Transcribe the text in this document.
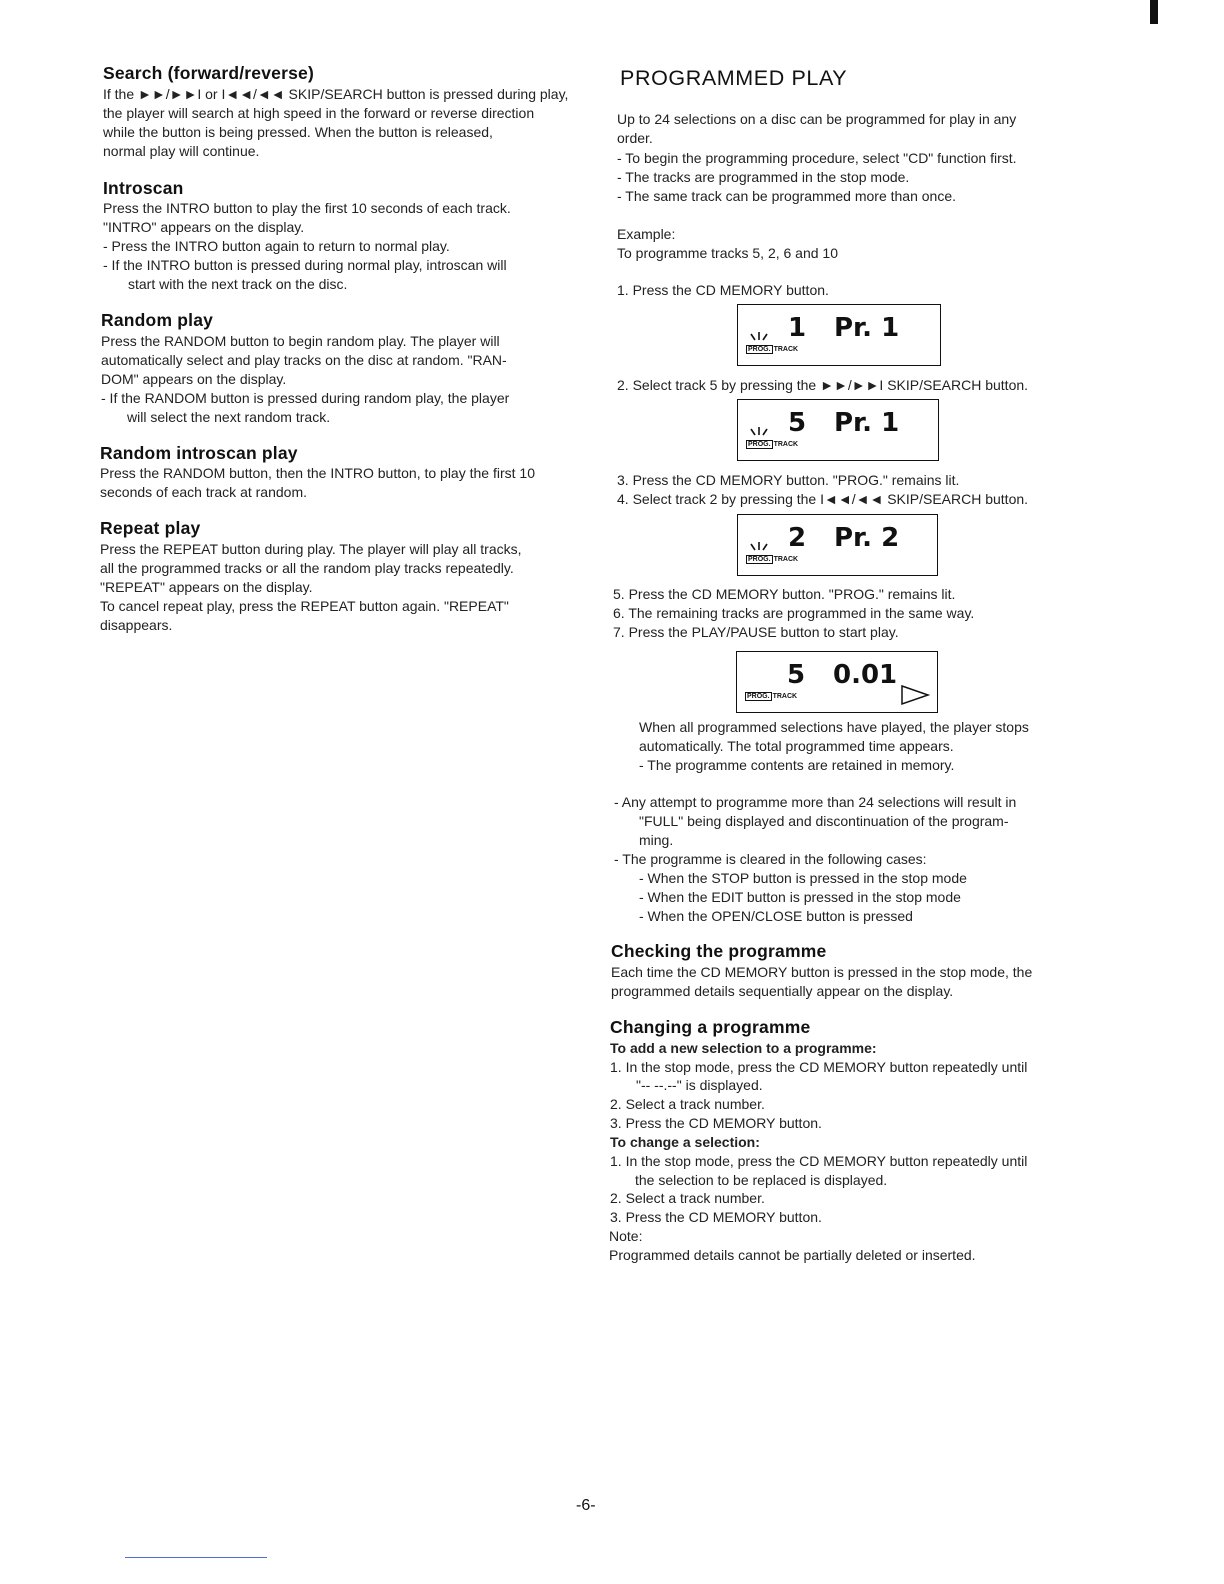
Search (forward/reverse)

If the ►►/►►I or I◄◄/◄◄ SKIP/SEARCH button is pressed during play,

the player will search at high speed in the forward or reverse direction

while the button is being pressed. When the button is released,

normal play will continue.

Introscan

Press the INTRO button to play the first 10 seconds of each track.

"INTRO" appears on the display.

- Press the INTRO button again to return to normal play.

- If the INTRO button is pressed during normal play, introscan will

start with the next track on the disc.

Random play

Press the RANDOM button to begin random play. The player will

automatically select and play tracks on the disc at random. "RAN-

DOM" appears on the display.

- If the RANDOM button is pressed during random play, the player

will select the next random track.

Random introscan play

Press the RANDOM button, then the INTRO button, to play the first 10

seconds of each track at random.

Repeat play

Press the REPEAT button during play. The player will play all tracks,

all the programmed tracks or all the random play tracks repeatedly.

"REPEAT" appears on the display.

To cancel repeat play, press the REPEAT button again. "REPEAT"

disappears.

PROGRAMMED PLAY

Up to 24 selections on a disc can be programmed for play in any

order.

- To begin the programming procedure, select "CD" function first.

- The tracks are programmed in the stop mode.

- The same track can be programmed more than once.

Example:

To programme tracks 5, 2, 6 and 10

1. Press the CD MEMORY button.

1 Pr. 1
PROG. TRACK

2. Select track 5 by pressing the ►►/►►I SKIP/SEARCH button.

5 Pr. 1
PROG. TRACK

3. Press the CD MEMORY button. "PROG." remains lit.

4. Select track 2 by pressing the I◄◄/◄◄ SKIP/SEARCH button.

2 Pr. 2
PROG. TRACK

5. Press the CD MEMORY button. "PROG." remains lit.

6. The remaining tracks are programmed in the same way.

7. Press the PLAY/PAUSE button to start play.

5 0.01
PROG. TRACK

When all programmed selections have played, the player stops

automatically. The total programmed time appears.

- The programme contents are retained in memory.

- Any attempt to programme more than 24 selections will result in

"FULL" being displayed and discontinuation of the program-

ming.

- The programme is cleared in the following cases:

- When the STOP button is pressed in the stop mode

- When the EDIT button is pressed in the stop mode

- When the OPEN/CLOSE button is pressed

Checking the programme

Each time the CD MEMORY button is pressed in the stop mode, the

programmed details sequentially appear on the display.

Changing a programme

To add a new selection to a programme:

1. In the stop mode, press the CD MEMORY button repeatedly until

"-- --.--" is displayed.

2. Select a track number.

3. Press the CD MEMORY button.

To change a selection:

1. In the stop mode, press the CD MEMORY button repeatedly until

the selection to be replaced is displayed.

2. Select a track number.

3. Press the CD MEMORY button.

Note:

Programmed details cannot be partially deleted or inserted.

-6-
